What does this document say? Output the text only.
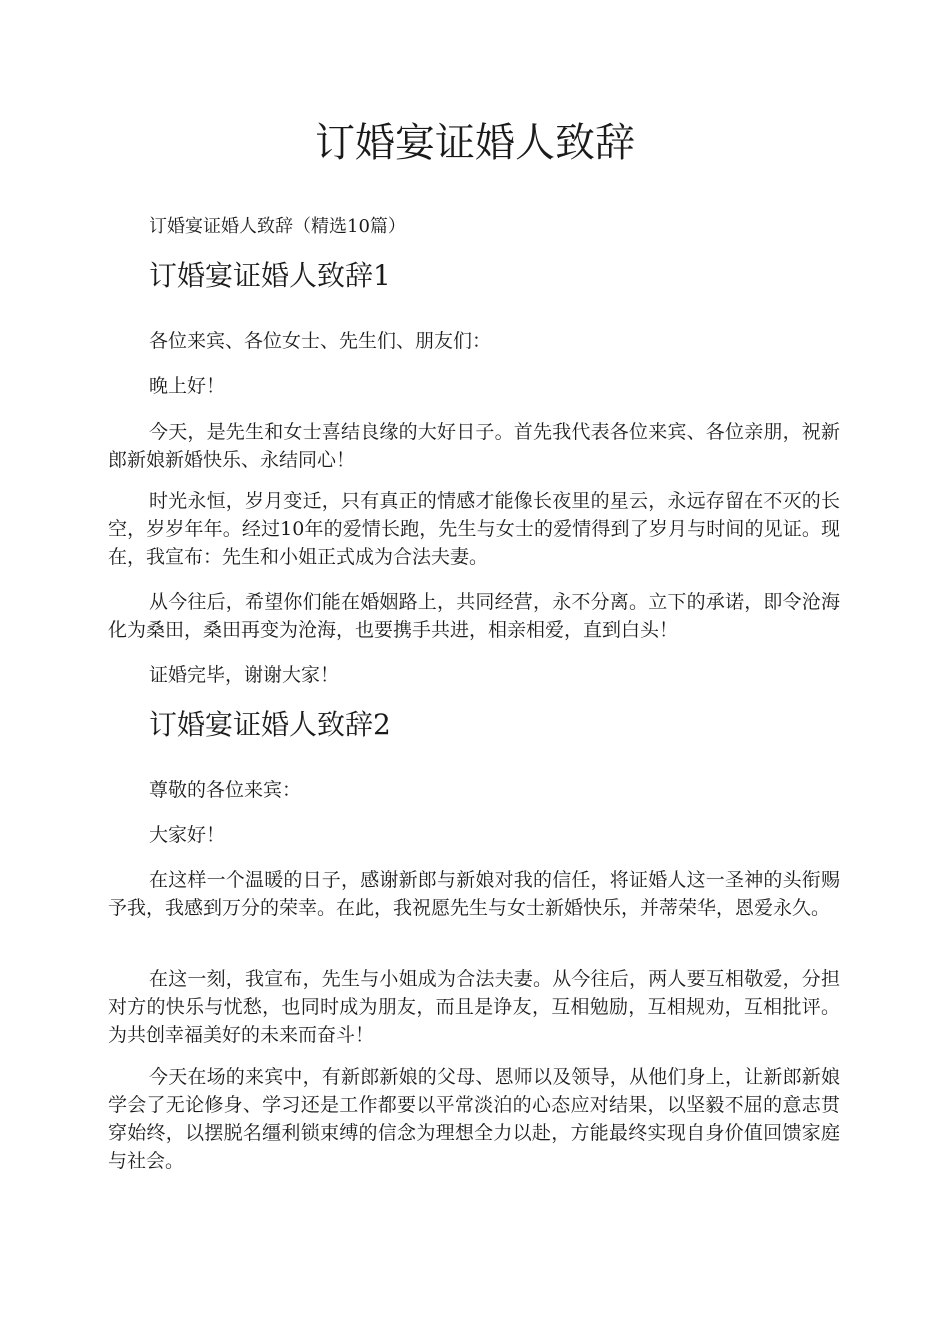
订婚宴证婚人致辞

订婚宴证婚人致辞（精选10篇）

订婚宴证婚人致辞1

各位来宾、各位女士、先生们、朋友们：

晚上好！

今天，是先生和女士喜结良缘的大好日子。首先我代表各位来宾、各位亲朋，祝新郎新娘新婚快乐、永结同心！

时光永恒，岁月变迁，只有真正的情感才能像长夜里的星云，永远存留在不灭的长空，岁岁年年。经过10年的爱情长跑，先生与女士的爱情得到了岁月与时间的见证。现在，我宣布：先生和小姐正式成为合法夫妻。

从今往后，希望你们能在婚姻路上，共同经营，永不分离。立下的承诺，即令沧海化为桑田，桑田再变为沧海，也要携手共进，相亲相爱，直到白头！

证婚完毕，谢谢大家！

订婚宴证婚人致辞2

尊敬的各位来宾：

大家好！

在这样一个温暖的日子，感谢新郎与新娘对我的信任，将证婚人这一圣神的头衔赐予我，我感到万分的荣幸。在此，我祝愿先生与女士新婚快乐，并蒂荣华，恩爱永久。

在这一刻，我宣布，先生与小姐成为合法夫妻。从今往后，两人要互相敬爱，分担对方的快乐与忧愁，也同时成为朋友，而且是诤友，互相勉励，互相规劝，互相批评。为共创幸福美好的未来而奋斗！

今天在场的来宾中，有新郎新娘的父母、恩师以及领导，从他们身上，让新郎新娘学会了无论修身、学习还是工作都要以平常淡泊的心态应对结果，以坚毅不屈的意志贯穿始终，以摆脱名缰利锁束缚的信念为理想全力以赴，方能最终实现自身价值回馈家庭与社会。
